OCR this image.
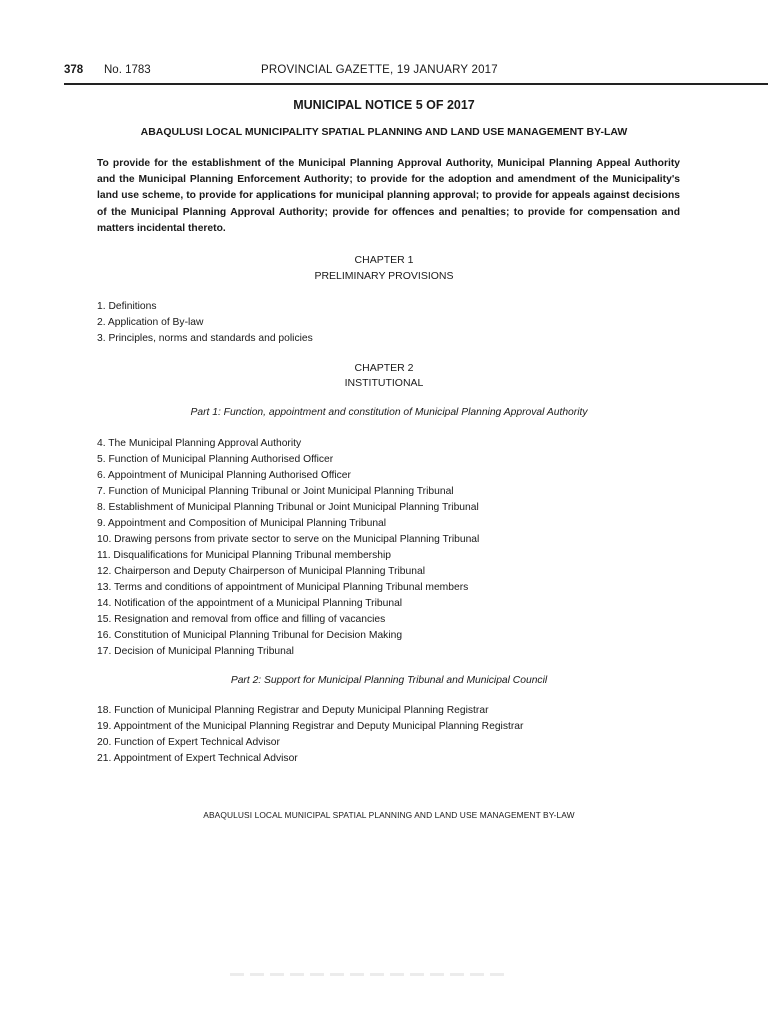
378 No. 1783	PROVINCIAL GAZETTE, 19 JANUARY 2017
MUNICIPAL NOTICE 5 OF 2017
ABAQULUSI LOCAL MUNICIPALITY SPATIAL PLANNING AND LAND USE MANAGEMENT BY-LAW
To provide for the establishment of the Municipal Planning Approval Authority, Municipal Planning Appeal Authority and the Municipal Planning Enforcement Authority; to provide for the adoption and amendment of the Municipality's land use scheme, to provide for applications for municipal planning approval; to provide for appeals against decisions of the Municipal Planning Approval Authority; provide for offences and penalties; to provide for compensation and matters incidental thereto.
CHAPTER 1
PRELIMINARY PROVISIONS
1. Definitions
2. Application of By-law
3. Principles, norms and standards and policies
CHAPTER 2
INSTITUTIONAL
Part 1: Function, appointment and constitution of Municipal Planning Approval Authority
4. The Municipal Planning Approval Authority
5. Function of Municipal Planning Authorised Officer
6. Appointment of Municipal Planning Authorised Officer
7. Function of Municipal Planning Tribunal or Joint Municipal Planning Tribunal
8. Establishment of Municipal Planning Tribunal or Joint Municipal Planning Tribunal
9. Appointment and Composition of Municipal Planning Tribunal
10. Drawing persons from private sector to serve on the Municipal Planning Tribunal
11. Disqualifications for Municipal Planning Tribunal membership
12. Chairperson and Deputy Chairperson of Municipal Planning Tribunal
13. Terms and conditions of appointment of Municipal Planning Tribunal members
14. Notification of the appointment of a Municipal Planning Tribunal
15. Resignation and removal from office and filling of vacancies
16. Constitution of Municipal Planning Tribunal for Decision Making
17. Decision of Municipal Planning Tribunal
Part 2: Support for Municipal Planning Tribunal and Municipal Council
18. Function of Municipal Planning Registrar and Deputy Municipal Planning Registrar
19. Appointment of the Municipal Planning Registrar and Deputy Municipal Planning Registrar
20. Function of Expert Technical Advisor
21. Appointment of Expert Technical Advisor
ABAQULUSI LOCAL MUNICIPAL SPATIAL PLANNING AND LAND USE MANAGEMENT BY-LAW
